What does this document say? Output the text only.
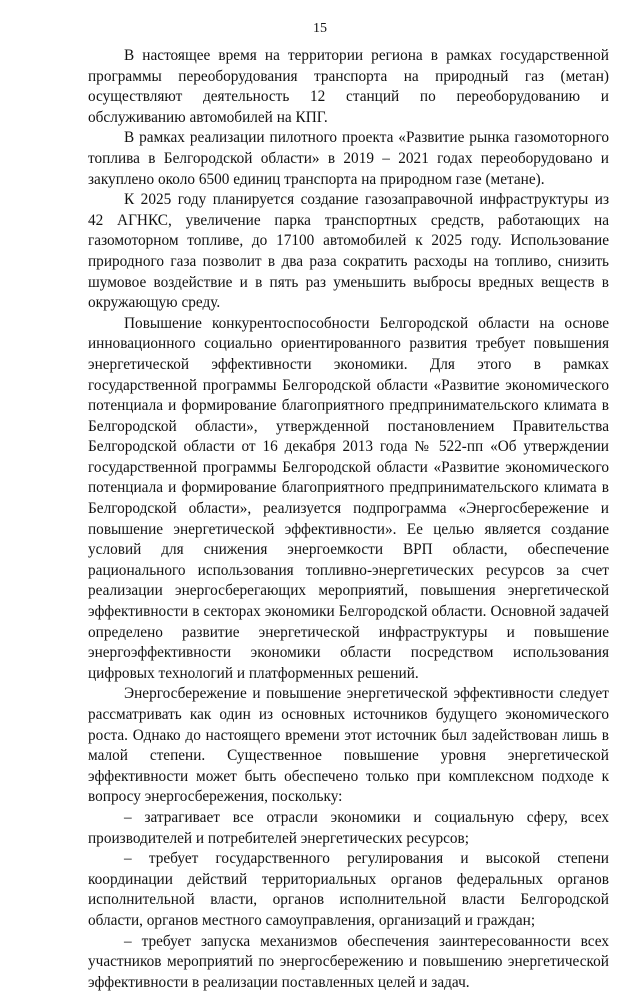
15

В настоящее время на территории региона в рамках государственной программы переоборудования транспорта на природный газ (метан) осуществляют деятельность 12 станций по переоборудованию и обслуживанию автомобилей на КПГ.

В рамках реализации пилотного проекта «Развитие рынка газомоторного топлива в Белгородской области» в 2019 – 2021 годах переоборудовано и закуплено около 6500 единиц транспорта на природном газе (метане).

К 2025 году планируется создание газозаправочной инфраструктуры из 42 АГНКС, увеличение парка транспортных средств, работающих на газомоторном топливе, до 17100 автомобилей к 2025 году. Использование природного газа позволит в два раза сократить расходы на топливо, снизить шумовое воздействие и в пять раз уменьшить выбросы вредных веществ в окружающую среду.

Повышение конкурентоспособности Белгородской области на основе инновационного социально ориентированного развития требует повышения энергетической эффективности экономики. Для этого в рамках государственной программы Белгородской области «Развитие экономического потенциала и формирование благоприятного предпринимательского климата в Белгородской области», утвержденной постановлением Правительства Белгородской области от 16 декабря 2013 года № 522-пп «Об утверждении государственной программы Белгородской области «Развитие экономического потенциала и формирование благоприятного предпринимательского климата в Белгородской области», реализуется подпрограмма «Энергосбережение и повышение энергетической эффективности». Ее целью является создание условий для снижения энергоемкости ВРП области, обеспечение рационального использования топливно-энергетических ресурсов за счет реализации энергосберегающих мероприятий, повышения энергетической эффективности в секторах экономики Белгородской области. Основной задачей определено развитие энергетической инфраструктуры и повышение энергоэффективности экономики области посредством использования цифровых технологий и платформенных решений.

Энергосбережение и повышение энергетической эффективности следует рассматривать как один из основных источников будущего экономического роста. Однако до настоящего времени этот источник был задействован лишь в малой степени. Существенное повышение уровня энергетической эффективности может быть обеспечено только при комплексном подходе к вопросу энергосбережения, поскольку:

– затрагивает все отрасли экономики и социальную сферу, всех производителей и потребителей энергетических ресурсов;

– требует государственного регулирования и высокой степени координации действий территориальных органов федеральных органов исполнительной власти, органов исполнительной власти Белгородской области, органов местного самоуправления, организаций и граждан;

– требует запуска механизмов обеспечения заинтересованности всех участников мероприятий по энергосбережению и повышению энергетической эффективности в реализации поставленных целей и задач.
